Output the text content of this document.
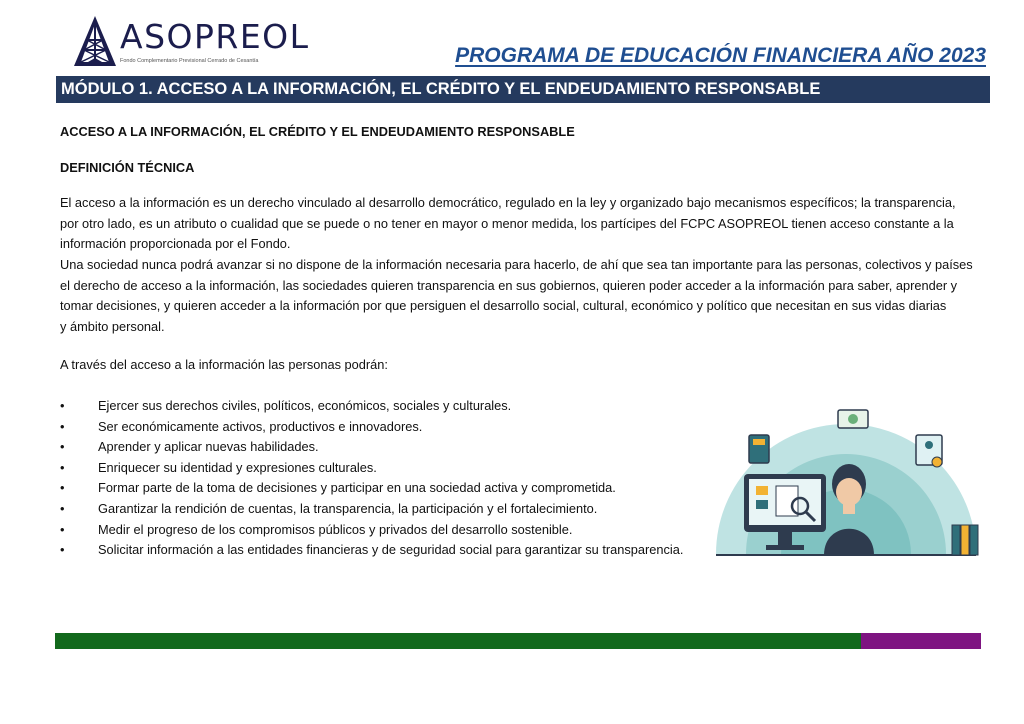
ASOPREOL
Fondo Complementario Previsional Cerrado de Cesantía	PROGRAMA DE EDUCACIÓN FINANCIERA AÑO 2023
MÓDULO 1. ACCESO A LA INFORMACIÓN, EL CRÉDITO Y EL ENDEUDAMIENTO RESPONSABLE
ACCESO A LA INFORMACIÓN, EL CRÉDITO Y EL ENDEUDAMIENTO RESPONSABLE
DEFINICIÓN TÉCNICA
El acceso a la información es un derecho vinculado al desarrollo democrático, regulado en la ley y organizado bajo mecanismos específicos; la transparencia,
por otro lado, es un atributo o cualidad que se puede o no tener en mayor o menor medida, los partícipes del FCPC ASOPREOL tienen acceso constante a la
información proporcionada por el Fondo.
Una sociedad nunca podrá avanzar si no dispone de la información necesaria para hacerlo, de ahí que sea tan importante para las personas, colectivos y países
el derecho de acceso a la información, las sociedades quieren transparencia en sus gobiernos, quieren poder acceder a la información para saber, aprender y
tomar decisiones, y quieren acceder a la información por que persiguen el desarrollo social, cultural, económico y político que necesitan en sus vidas diarias
y ámbito personal.
A través del acceso a la información las personas podrán:
•	Ejercer sus derechos civiles, políticos, económicos, sociales y culturales.
•	Ser económicamente activos, productivos e innovadores.
•	Aprender y aplicar nuevas habilidades.
•	Enriquecer su identidad y expresiones culturales.
•	Formar parte de la toma de decisiones y participar en una sociedad activa y comprometida.
•	Garantizar la rendición de cuentas, la transparencia, la participación y el fortalecimiento.
•	Medir el progreso de los compromisos públicos y privados del desarrollo sostenible.
•	Solicitar información a las entidades financieras y de seguridad social para garantizar su transparencia.
